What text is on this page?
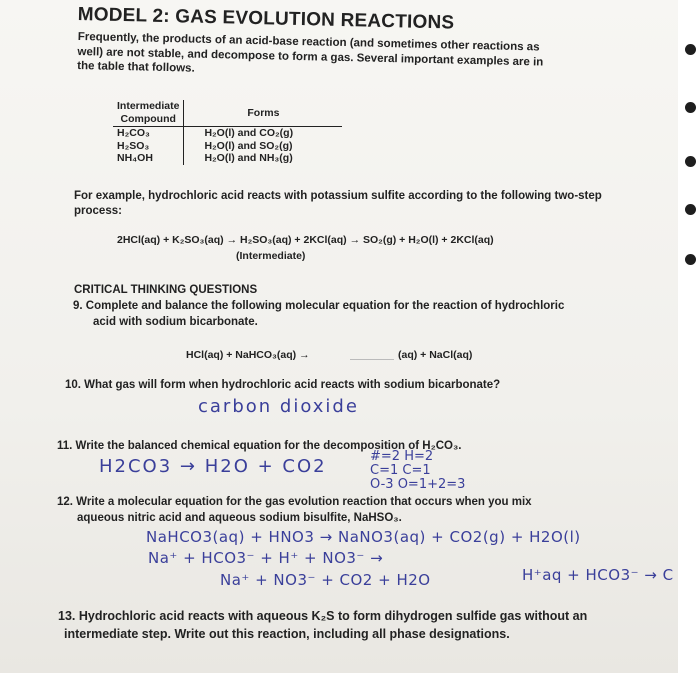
MODEL 2: GAS EVOLUTION REACTIONS
Frequently, the products of an acid-base reaction (and sometimes other reactions as well) are not stable, and decompose to form a gas. Several important examples are in the table that follows.
Intermediate
Compound	Forms
H₂CO₃	H₂O(l) and CO₂(g)
H₂SO₃	H₂O(l) and SO₂(g)
NH₄OH	H₂O(l) and NH₃(g)
For example, hydrochloric acid reacts with potassium sulfite according to the following two-step
process:
2HCl(aq) + K₂SO₃(aq) → H₂SO₃(aq) + 2KCl(aq) → SO₂(g) + H₂O(l) + 2KCl(aq)
(Intermediate)
CRITICAL THINKING QUESTIONS
9. Complete and balance the following molecular equation for the reaction of hydrochloric
acid with sodium bicarbonate.
HCl(aq) + NaHCO₃(aq) →	(aq) + NaCl(aq)
10. What gas will form when hydrochloric acid reacts with sodium bicarbonate?
carbon dioxide
11. Write the balanced chemical equation for the decomposition of H₂CO₃.
H2CO3 → H2O + CO2	#=2 H=2
C=1 C=1
O-3 O=1+2=3
12. Write a molecular equation for the gas evolution reaction that occurs when you mix
aqueous nitric acid and aqueous sodium bisulfite, NaHSO₃.
NaHCO3(aq) + HNO3 → NaNO3(aq) + CO2(g) + H2O(l)
Na⁺ + HCO3⁻ + H⁺ + NO3⁻ →
Na⁺ + NO3⁻ + CO2 + H2O	H⁺aq + HCO3⁻ → C
13. Hydrochloric acid reacts with aqueous K₂S to form dihydrogen sulfide gas without an
intermediate step. Write out this reaction, including all phase designations.
